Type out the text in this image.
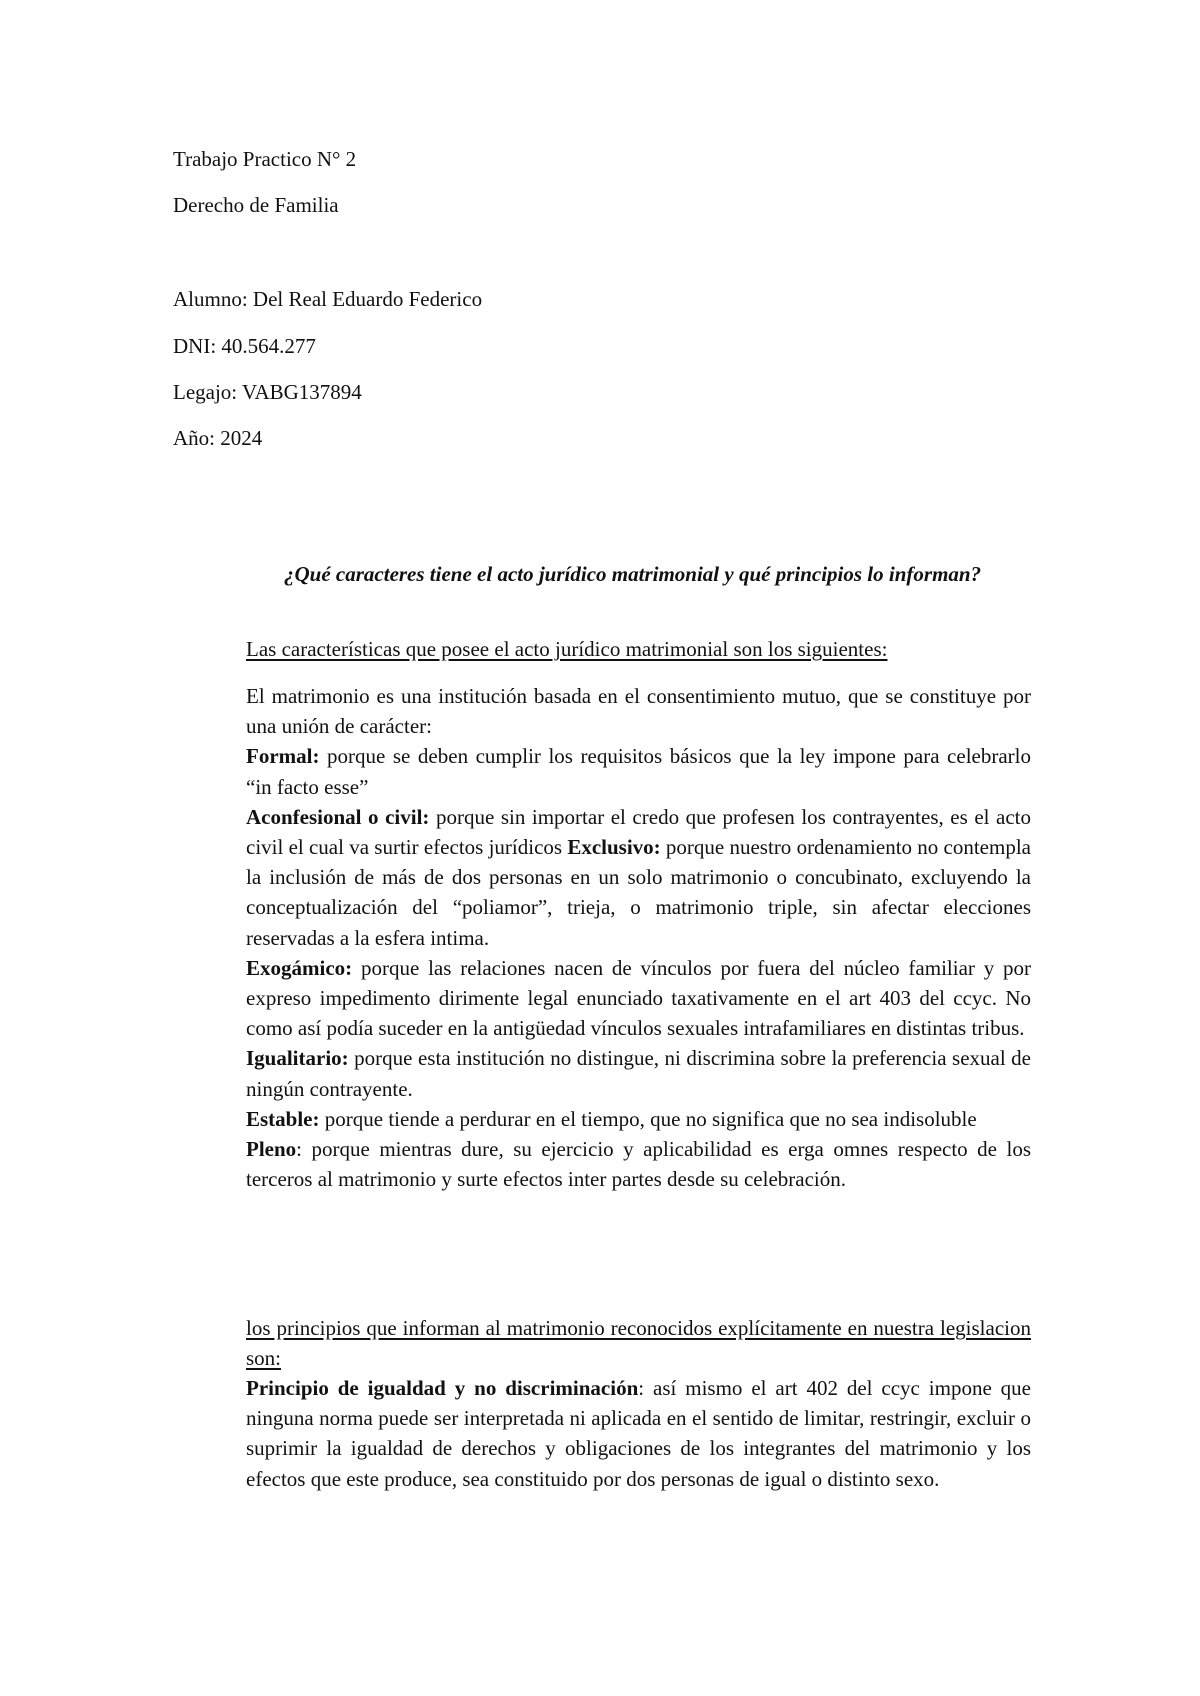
Trabajo Practico N° 2
Derecho de Familia
Alumno: Del Real Eduardo Federico
DNI: 40.564.277
Legajo: VABG137894
Año: 2024
¿Qué caracteres tiene el acto jurídico matrimonial y qué principios lo informan?
Las características que posee el acto jurídico matrimonial son los siguientes:

El matrimonio es una institución basada en el consentimiento mutuo, que se constituye por una unión de carácter:

Formal: porque se deben cumplir los requisitos básicos que la ley impone para celebrarlo “in facto esse”

Aconfesional o civil: porque sin importar el credo que profesen los contrayentes, es el acto civil el cual va surtir efectos jurídicos Exclusivo: porque nuestro ordenamiento no contempla la inclusión de más de dos personas en un solo matrimonio o concubinato, excluyendo la conceptualización del “poliamor”, trieja, o matrimonio triple, sin afectar elecciones reservadas a la esfera intima.

Exogámico: porque las relaciones nacen de vínculos por fuera del núcleo familiar y por expreso impedimento dirimente legal enunciado taxativamente en el art 403 del ccyc. No como así podía suceder en la antigüedad vínculos sexuales intrafamiliares en distintas tribus.

Igualitario: porque esta institución no distingue, ni discrimina sobre la preferencia sexual de ningún contrayente.

Estable: porque tiende a perdurar en el tiempo, que no significa que no sea indisoluble

Pleno: porque mientras dure, su ejercicio y aplicabilidad es erga omnes respecto de los terceros al matrimonio y surte efectos inter partes desde su celebración.

los principios que informan al matrimonio reconocidos explícitamente en nuestra legislacion son:

Principio de igualdad y no discriminación: así mismo el art 402 del ccyc impone que ninguna norma puede ser interpretada ni aplicada en el sentido de limitar, restringir, excluir o suprimir la igualdad de derechos y obligaciones de los integrantes del matrimonio y los efectos que este produce, sea constituido por dos personas de igual o distinto sexo.
